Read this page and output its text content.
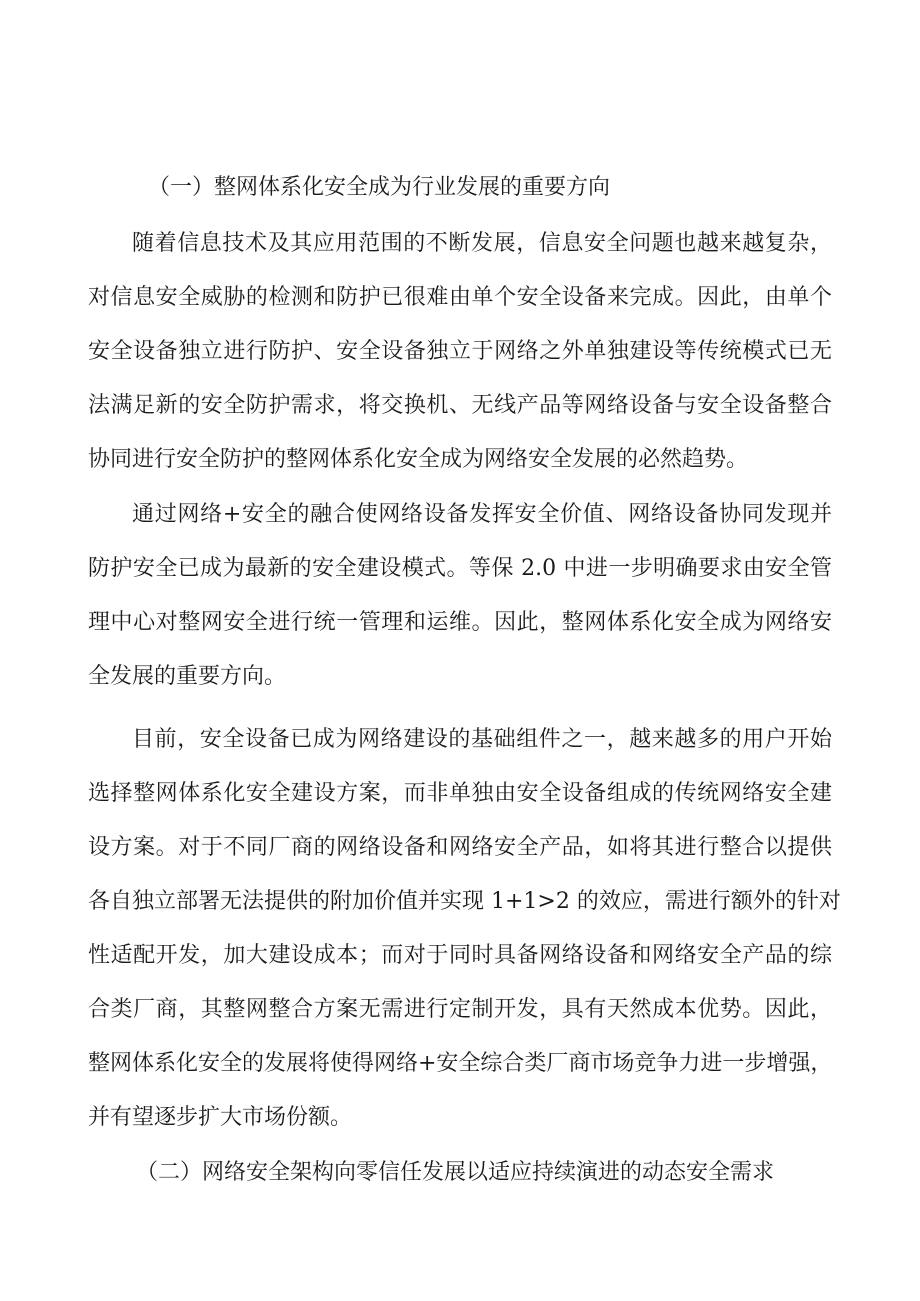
（一）整网体系化安全成为行业发展的重要方向
随着信息技术及其应用范围的不断发展，信息安全问题也越来越复杂，
对信息安全威胁的检测和防护已很难由单个安全设备来完成。因此，由单个
安全设备独立进行防护、安全设备独立于网络之外单独建设等传统模式已无
法满足新的安全防护需求，将交换机、无线产品等网络设备与安全设备整合
协同进行安全防护的整网体系化安全成为网络安全发展的必然趋势。
通过网络+安全的融合使网络设备发挥安全价值、网络设备协同发现并
防护安全已成为最新的安全建设模式。等保 2.0 中进一步明确要求由安全管
理中心对整网安全进行统一管理和运维。因此，整网体系化安全成为网络安
全发展的重要方向。
目前，安全设备已成为网络建设的基础组件之一，越来越多的用户开始
选择整网体系化安全建设方案，而非单独由安全设备组成的传统网络安全建
设方案。对于不同厂商的网络设备和网络安全产品，如将其进行整合以提供
各自独立部署无法提供的附加价值并实现 1+1>2 的效应，需进行额外的针对
性适配开发，加大建设成本；而对于同时具备网络设备和网络安全产品的综
合类厂商，其整网整合方案无需进行定制开发，具有天然成本优势。因此，
整网体系化安全的发展将使得网络+安全综合类厂商市场竞争力进一步增强，
并有望逐步扩大市场份额。
（二）网络安全架构向零信任发展以适应持续演进的动态安全需求
